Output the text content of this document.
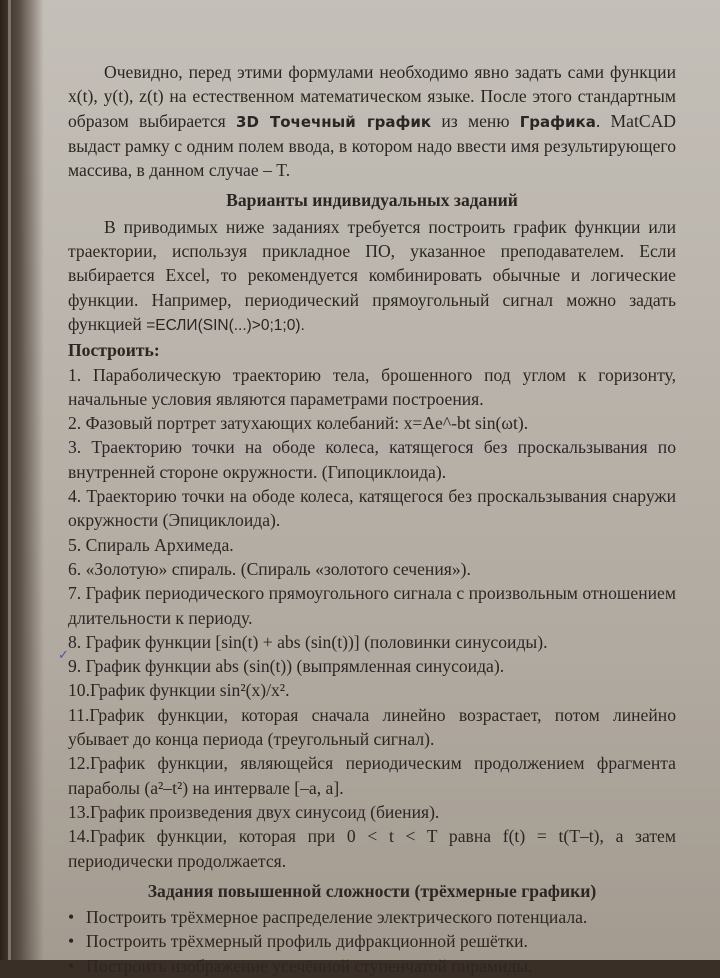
✓

Очевидно, перед этими формулами необходимо явно задать сами функции x(t), y(t), z(t) на естественном математическом языке. После этого стандартным образом выбирается 3D Точечный график из меню Графика. MatCAD выдаст рамку с одним полем ввода, в котором надо ввести имя результирующего массива, в данном случае – T.

Варианты индивидуальных заданий

В приводимых ниже заданиях требуется построить график функции или траектории, используя прикладное ПО, указанное преподавателем. Если выбирается Excel, то рекомендуется комбинировать обычные и логические функции. Например, периодический прямоугольный сигнал можно задать функцией =ЕСЛИ(SIN(...)>0;1;0).

Построить:

1. Параболическую траекторию тела, брошенного под углом к горизонту, начальные условия являются параметрами построения.

2. Фазовый портрет затухающих колебаний: x=Ae^-bt sin(ωt).

3. Траекторию точки на ободе колеса, катящегося без проскальзывания по внутренней стороне окружности. (Гипоциклоида).

4. Траекторию точки на ободе колеса, катящегося без проскальзывания снаружи окружности (Эпициклоида).

5. Спираль Архимеда.

6. «Золотую» спираль. (Спираль «золотого сечения»).

7. График периодического прямоугольного сигнала с произвольным отношением длительности к периоду.

8. График функции [sin(t) + abs (sin(t))] (половинки синусоиды).

9. График функции abs (sin(t)) (выпрямленная синусоида).

10.График функции sin²(x)/x².

11.График функции, которая сначала линейно возрастает, потом линейно убывает до конца периода (треугольный сигнал).

12.График функции, являющейся периодическим продолжением фрагмента параболы (a²–t²) на интервале [–a, a].

13.График произведения двух синусоид (биения).

14.График функции, которая при 0 < t < T равна f(t) = t(T–t), а затем периодически продолжается.

Задания повышенной сложности (трёхмерные графики)

• Построить трёхмерное распределение электрического потенциала.
• Построить трёхмерный профиль дифракционной решётки.
• Построить изображение усечённой ступенчатой пирамиды.
